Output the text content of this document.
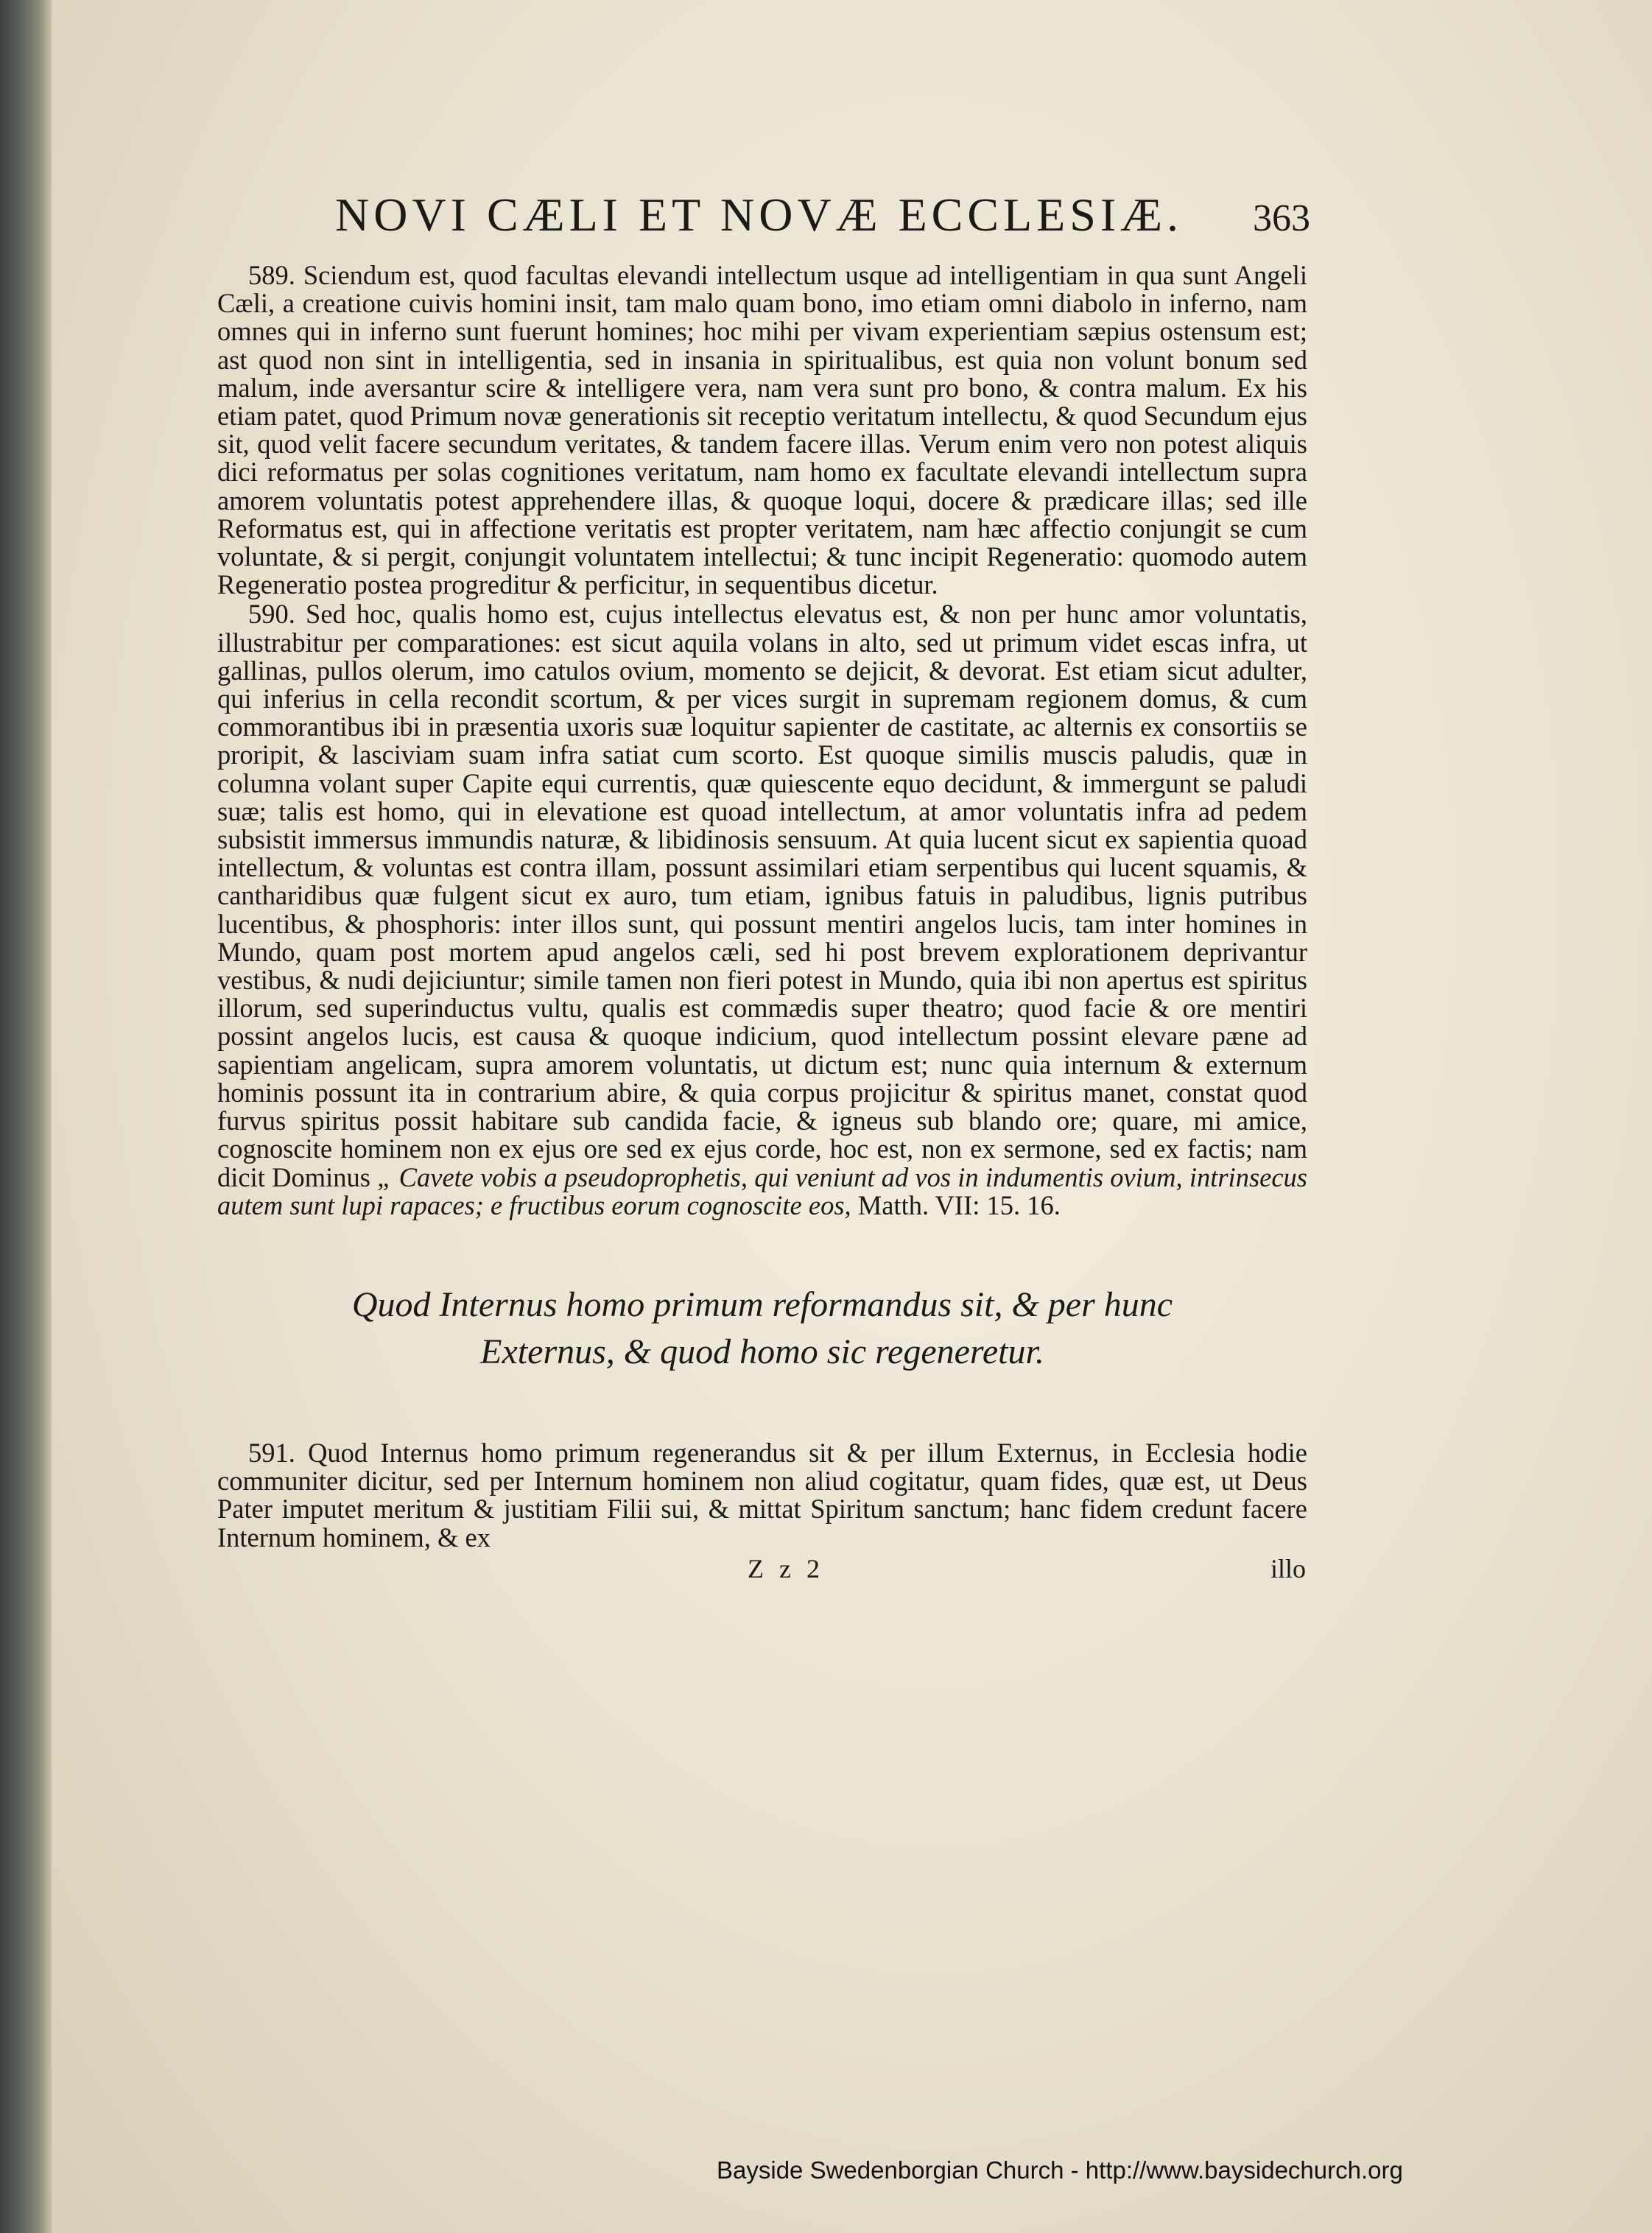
NOVI CÆLI ET NOVÆ ECCLESIÆ. 363

589. Sciendum est, quod facultas elevandi intellectum usque ad intelligentiam in qua sunt Angeli Cæli, a creatione cuivis homini insit, tam malo quam bono, imo etiam omni diabolo in inferno, nam omnes qui in inferno sunt fuerunt homines; hoc mihi per vivam experientiam sæpius ostensum est; ast quod non sint in intelligentia, sed in insania in spiritualibus, est quia non volunt bonum sed malum, inde aversantur scire & intelligere vera, nam vera sunt pro bono, & contra malum. Ex his etiam patet, quod Primum novæ generationis sit receptio veritatum intellectu, & quod Secundum ejus sit, quod velit facere secundum veritates, & tandem facere illas. Verum enim vero non potest aliquis dici reformatus per solas cognitiones veritatum, nam homo ex facultate elevandi intellectum supra amorem voluntatis potest apprehendere illas, & quoque loqui, docere & prædicare illas; sed ille Reformatus est, qui in affectione veritatis est propter veritatem, nam hæc affectio conjungit se cum voluntate, & si pergit, conjungit voluntatem intellectui; & tunc incipit Regeneratio: quomodo autem Regeneratio postea progreditur & perficitur, in sequentibus dicetur.

590. Sed hoc, qualis homo est, cujus intellectus elevatus est, & non per hunc amor voluntatis, illustrabitur per comparationes: est sicut aquila volans in alto, sed ut primum videt escas infra, ut gallinas, pullos olerum, imo catulos ovium, momento se dejicit, & devorat. Est etiam sicut adulter, qui inferius in cella recondit scortum, & per vices surgit in supremam regionem domus, & cum commorantibus ibi in præsentia uxoris suæ loquitur sapienter de castitate, ac alternis ex consortiis se proripit, & lasciviam suam infra satiat cum scorto. Est quoque similis muscis paludis, quæ in columna volant super Capite equi currentis, quæ quiescente equo decidunt, & immergunt se paludi suæ; talis est homo, qui in elevatione est quoad intellectum, at amor voluntatis infra ad pedem subsistit immersus immundis naturæ, & libidinosis sensuum. At quia lucent sicut ex sapientia quoad intellectum, & voluntas est contra illam, possunt assimilari etiam serpentibus qui lucent squamis, & cantharidibus quæ fulgent sicut ex auro, tum etiam, ignibus fatuis in paludibus, lignis putribus lucentibus, & phosphoris: inter illos sunt, qui possunt mentiri angelos lucis, tam inter homines in Mundo, quam post mortem apud angelos cæli, sed hi post brevem explorationem deprivantur vestibus, & nudi dejiciuntur; simile tamen non fieri potest in Mundo, quia ibi non apertus est spiritus illorum, sed superinductus vultu, qualis est commædis super theatro; quod facie & ore mentiri possint angelos lucis, est causa & quoque indicium, quod intellectum possint elevare pæne ad sapientiam angelicam, supra amorem voluntatis, ut dictum est; nunc quia internum & externum hominis possunt ita in contrarium abire, & quia corpus projicitur & spiritus manet, constat quod furvus spiritus possit habitare sub candida facie, & igneus sub blando ore; quare, mi amice, cognoscite hominem non ex ejus ore sed ex ejus corde, hoc est, non ex sermone, sed ex factis; nam dicit Dominus „ Cavete vobis a pseudoprophetis, qui veniunt ad vos in indumentis ovium, intrinsecus autem sunt lupi rapaces; e fructibus eorum cognoscite eos, Matth. VII: 15. 16.

Quod Internus homo primum reformandus sit, & per hunc
Externus, & quod homo sic regeneretur.

591. Quod Internus homo primum regenerandus sit & per illum Externus, in Ecclesia hodie communiter dicitur, sed per Internum hominem non aliud cogitatur, quam fides, quæ est, ut Deus Pater imputet meritum & justitiam Filii sui, & mittat Spiritum sanctum; hanc fidem credunt facere Internum hominem, & ex

Z z 2	illo
Bayside Swedenborgian Church - http://www.baysidechurch.org
